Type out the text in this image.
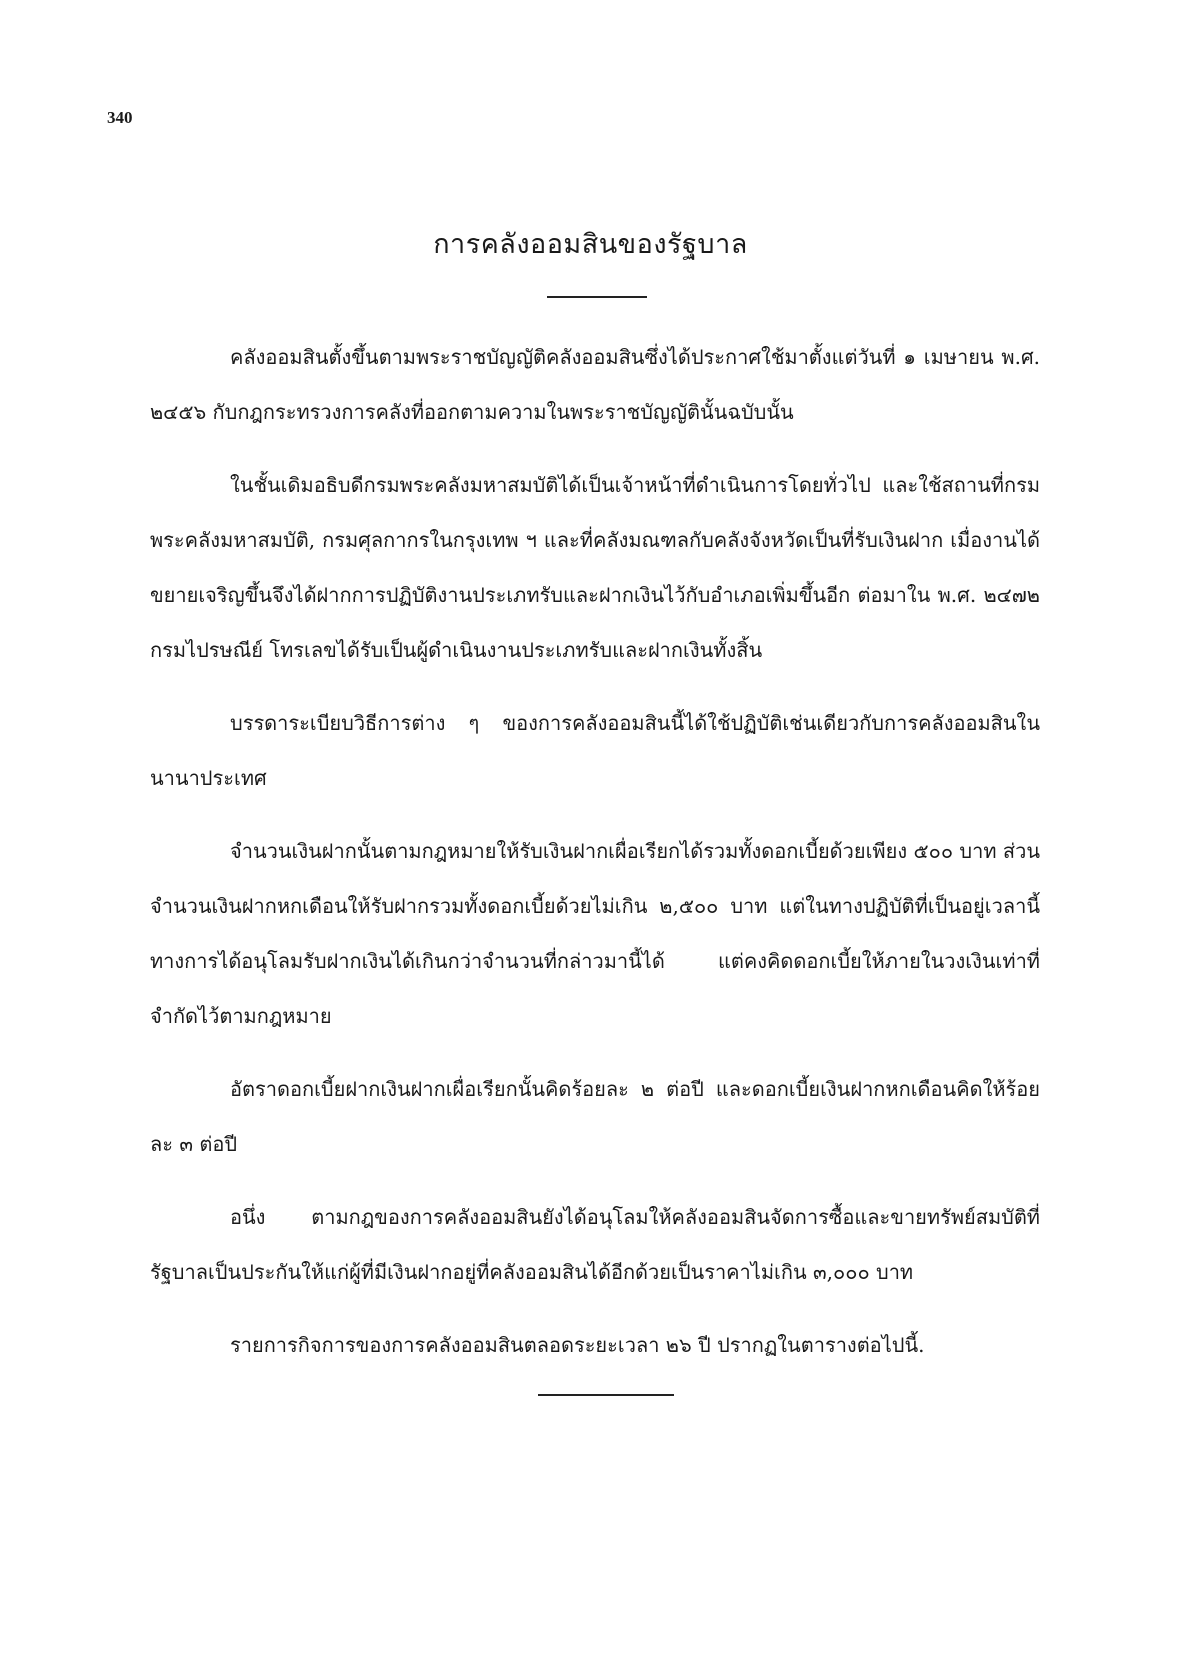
340
การคลังออมสินของรัฐบาล

คลังออมสินตั้งขึ้นตามพระราชบัญญัติคลังออมสินซึ่งได้ประกาศใช้มาตั้งแต่วันที่ ๑ เมษายน พ.ศ. ๒๔๕๖ กับกฎกระทรวงการคลังที่ออกตามความในพระราชบัญญัตินั้นฉบับนั้น

ในชั้นเดิมอธิบดีกรมพระคลังมหาสมบัติได้เป็นเจ้าหน้าที่ดำเนินการโดยทั่วไป และใช้สถานที่กรมพระคลังมหาสมบัติ, กรมศุลกากรในกรุงเทพ ฯ และที่คลังมณฑลกับคลังจังหวัดเป็นที่รับเงินฝาก เมื่องานได้ขยายเจริญขึ้นจึงได้ฝากการปฏิบัติงานประเภทรับและฝากเงินไว้กับอำเภอเพิ่มขึ้นอีก ต่อมาใน พ.ศ. ๒๔๗๒ กรมไปรษณีย์ โทรเลขได้รับเป็นผู้ดำเนินงานประเภทรับและฝากเงินทั้งสิ้น

บรรดาระเบียบวิธีการต่าง ๆ ของการคลังออมสินนี้ได้ใช้ปฏิบัติเช่นเดียวกับการคลังออมสินในนานาประเทศ

จำนวนเงินฝากนั้นตามกฎหมายให้รับเงินฝากเผื่อเรียกได้รวมทั้งดอกเบี้ยด้วยเพียง ๕๐๐ บาท ส่วนจำนวนเงินฝากหกเดือนให้รับฝากรวมทั้งดอกเบี้ยด้วยไม่เกิน ๒,๕๐๐ บาท แต่ในทางปฏิบัติที่เป็นอยู่เวลานี้ ทางการได้อนุโลมรับฝากเงินได้เกินกว่าจำนวนที่กล่าวมานี้ได้ แต่คงคิดดอกเบี้ยให้ภายในวงเงินเท่าที่จำกัดไว้ตามกฎหมาย

อัตราดอกเบี้ยฝากเงินฝากเผื่อเรียกนั้นคิดร้อยละ ๒ ต่อปี และดอกเบี้ยเงินฝากหกเดือนคิดให้ร้อยละ ๓ ต่อปี

อนึ่ง ตามกฎของการคลังออมสินยังได้อนุโลมให้คลังออมสินจัดการซื้อและขายทรัพย์สมบัติที่รัฐบาลเป็นประกันให้แก่ผู้ที่มีเงินฝากอยู่ที่คลังออมสินได้อีกด้วยเป็นราคาไม่เกิน ๓,๐๐๐ บาท

รายการกิจการของการคลังออมสินตลอดระยะเวลา ๒๖ ปี ปรากฏในตารางต่อไปนี้.
